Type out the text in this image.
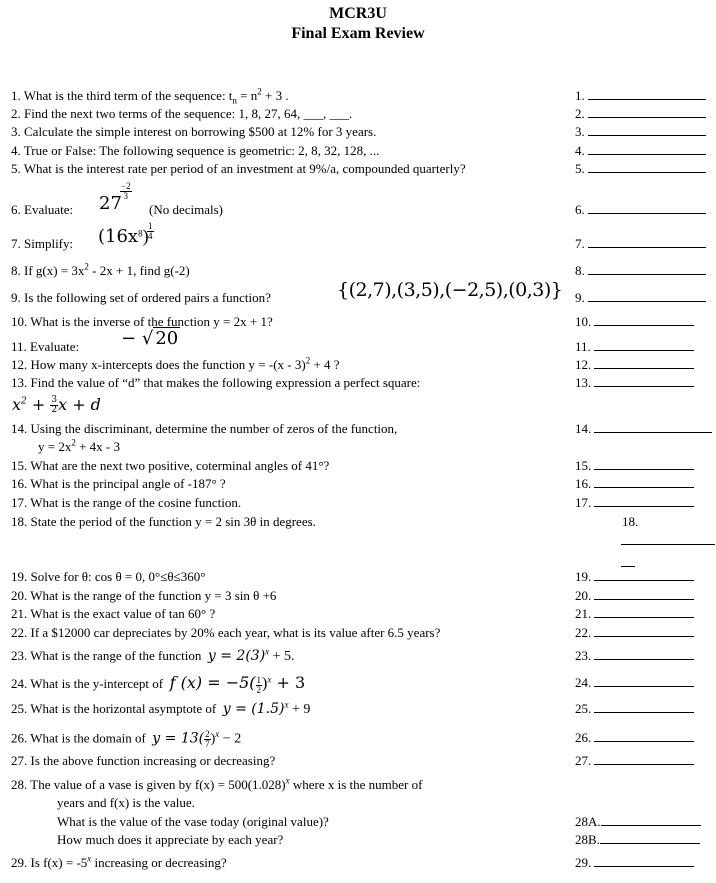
MCR3U
Final Exam Review
1. What is the third term of the sequence: $t_n = n^2 + 3$ .	1.
2. Find the next two terms of the sequence: 1, 8, 27, 64, ___, ___.	2.
3. Calculate the simple interest on borrowing $500 at 12% for 3 years.	3.
4. True or False: The following sequence is geometric: 2, 8, 32, 128, ...	4.
5. What is the interest rate per period of an investment at 9%/a, compounded quarterly?	5.
6. Evaluate: 27
$\frac{-2}{3}$
(No decimals)	6.
7. Simplify: $(16x^8)$
$\frac{1}{4}$
7.
8. If $g(x) = 3x^2 - 2x + 1$, find g(-2)	8.
9. Is the following set of ordered pairs a function?	{(2,7),(3,5),(−2,5),(0,3)} 9.
10. What is the inverse of the function y = 2x + 1?	10.
11. Evaluate: − √ 20	11.
12. How many x-intercepts does the function y = -(x - 3)$^2$ + 4 ?	12.
13. Find the value of “d” that makes the following expression a perfect square:	13.
$x^2 + \frac{3}{2}$ x + d
14. Using the discriminant, determine the number of zeros of the function,
$y = 2x^2 + 4x - 3$
14.
15. What are the next two positive, coterminal angles of 41°?	15.
16. What is the principal angle of -187° ?	16.
17. What is the range of the cosine function.	17.
18. State the period of the function y = 2 sin 3θ in degrees.	18.
19. Solve for θ: cos θ = 0, 0°≤θ≤360°	19.
20. What is the range of the function y = 3 sin θ +6	20.
21. What is the exact value of tan 60° ?	21.
22. If a $12000 car depreciates by 20% each year, what is its value after 6.5 years?	22.
23. What is the range of the function $y = 2(3)^x + 5$.	23.
24. What is the y-intercept of f $(x) = -5( \frac{1}{2} )^x + 3$	24.
25. What is the horizontal asymptote of $y = (1.5)^x + 9$	25.
26. What is the domain of $y = 13( \frac{2}{7} )^x - 2$	26.
27. Is the above function increasing or decreasing?	27.
28. The value of a vase is given by $f(x) = 500(1.028)^x$ where x is the number of
years and f(x) is the value.
What is the value of the vase today (original value)?	28A.
How much does it appreciate by each year?	28B.
29. Is $f(x) = -5^x$ increasing or decreasing?	29.
